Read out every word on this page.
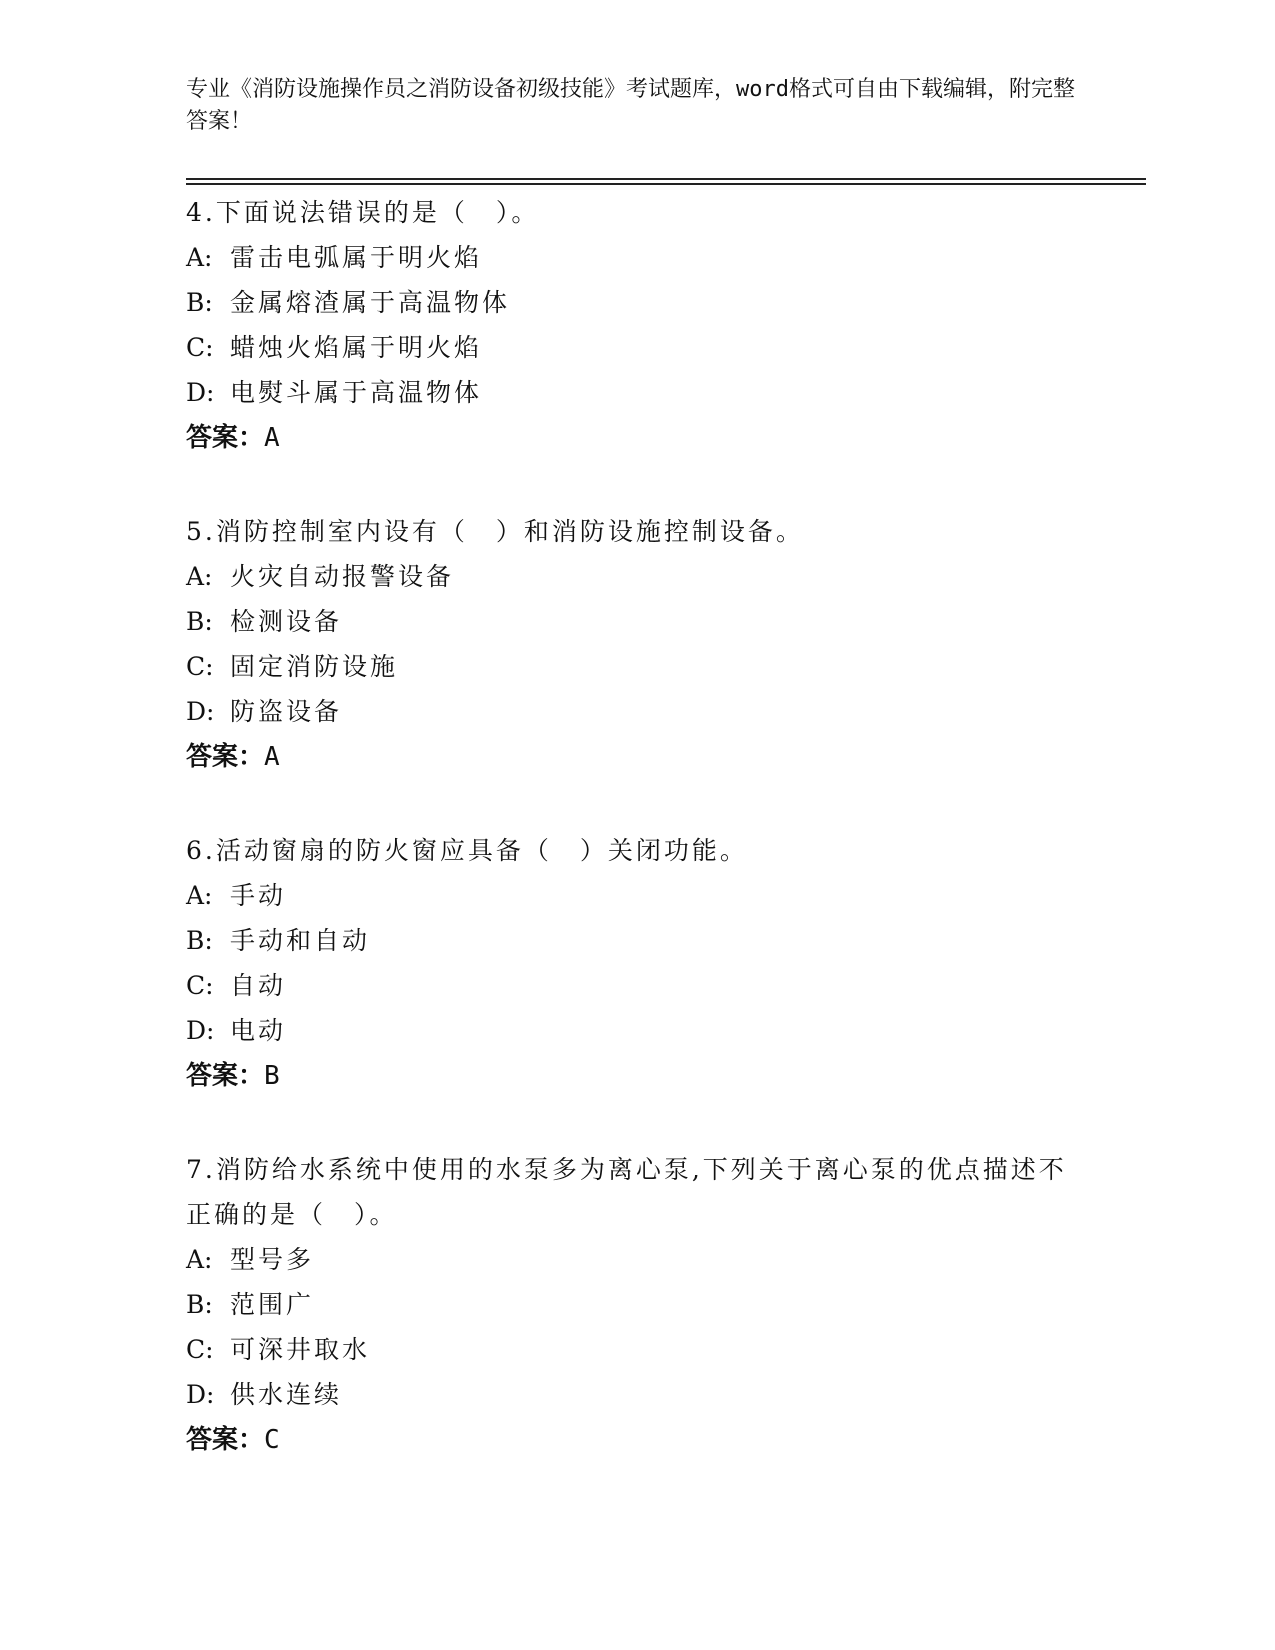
专业《消防设施操作员之消防设备初级技能》考试题库，word格式可自由下载编辑，附完整答案！
4.下面说法错误的是（　）。
A: 雷击电弧属于明火焰
B: 金属熔渣属于高温物体
C: 蜡烛火焰属于明火焰
D: 电熨斗属于高温物体
答案：A
5.消防控制室内设有（　）和消防设施控制设备。
A: 火灾自动报警设备
B: 检测设备
C: 固定消防设施
D: 防盗设备
答案：A
6.活动窗扇的防火窗应具备（　）关闭功能。
A: 手动
B: 手动和自动
C: 自动
D: 电动
答案：B
7.消防给水系统中使用的水泵多为离心泵,下列关于离心泵的优点描述不正确的是（　）。
A: 型号多
B: 范围广
C: 可深井取水
D: 供水连续
答案：C
